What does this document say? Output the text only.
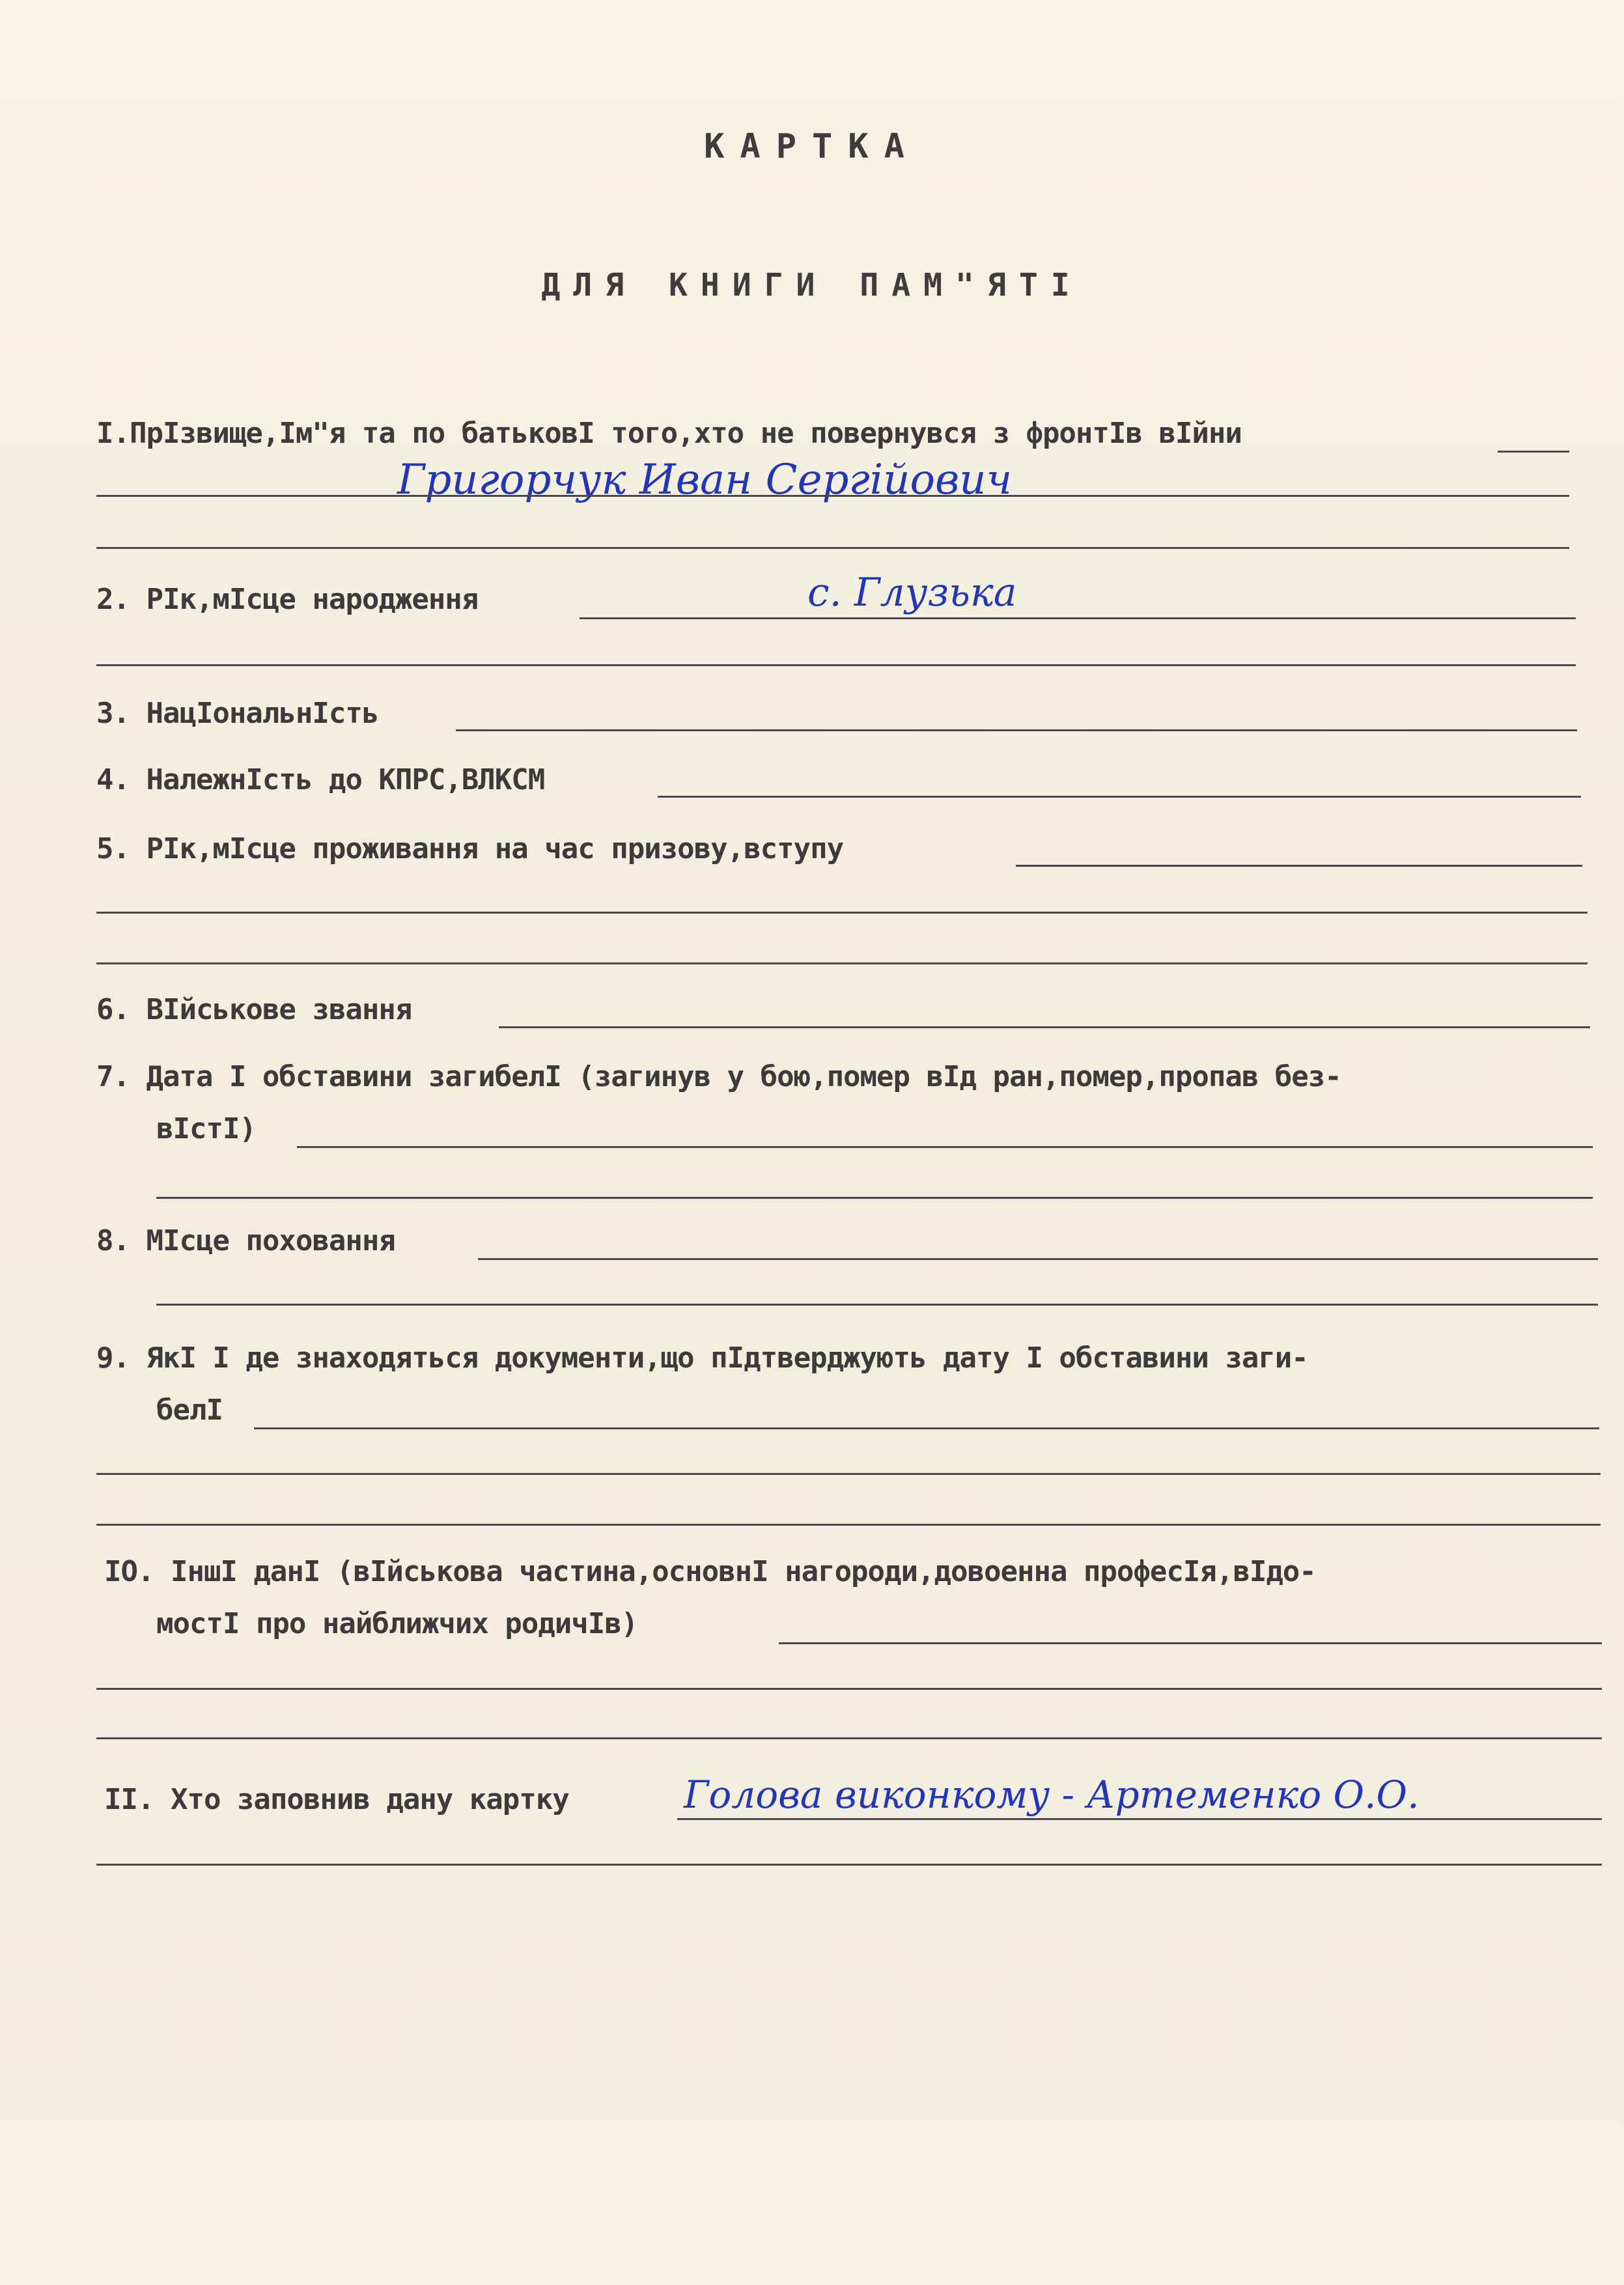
КАРТКА
ДЛЯ КНИГИ ПАМ"ЯТІ
І.ПрІзвище,Ім"я та по батьковІ того,хто не повернувся з фронтІв вІйни
Григорчук Иван Сергійович
2. РІк,мІсце народження	с. Глузька
3. НацІональнІсть
4. НалежнІсть до КПРС,ВЛКСМ
5. РІк,мІсце проживання на час призову,вступу
6. ВІйськове звання
7. Дата І обставини загибелІ (загинув у бою,помер вІд ран,помер,пропав без-
вІстІ)
8. МІсце поховання
9. ЯкІ І де знаходяться документи,що пІдтверджують дату І обставини заги-
белІ
ІО. ІншІ данІ (вІйськова частина,основнІ нагороди,довоенна професІя,вІдо-
мостІ про найближчих родичІв)
ІІ. Хто заповнив дану картку	Голова виконкому - Артеменко О.О.
